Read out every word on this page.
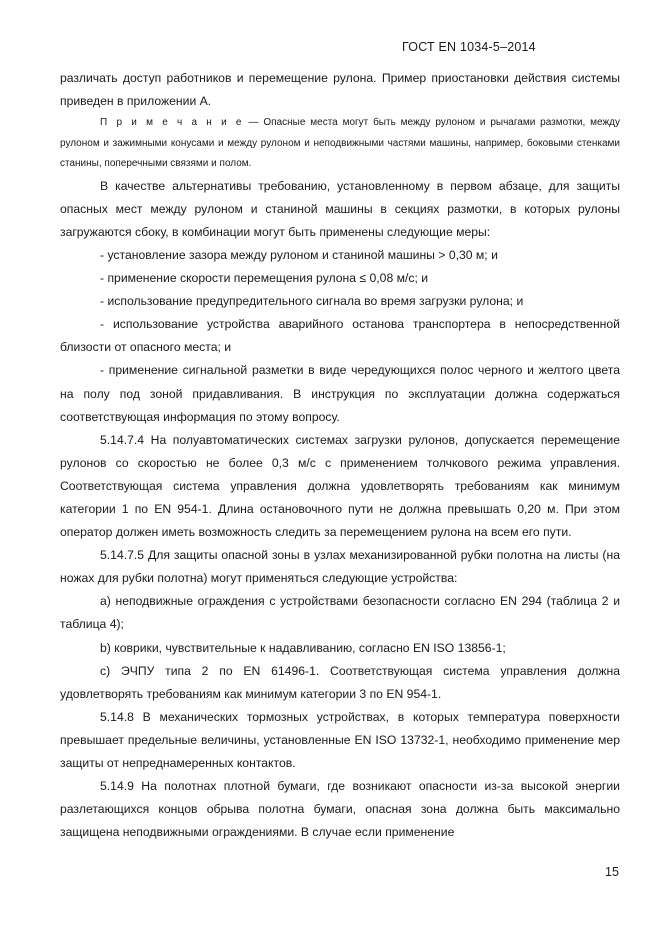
ГОСТ EN 1034-5–2014

различать доступ работников и перемещение рулона. Пример приостановки действия системы приведен в приложении А.

П р и м е ч а н и е — Опасные места могут быть между рулоном и рычагами размотки, между рулоном и зажимными конусами и между рулоном и неподвижными частями машины, например, боковыми стенками станины, поперечными связями и полом.

В качестве альтернативы требованию, установленному в первом абзаце, для защиты опасных мест между рулоном и станиной машины в секциях размотки, в которых рулоны загружаются сбоку, в комбинации могут быть применены следующие меры:

- установление зазора между рулоном и станиной машины > 0,30 м; и

- применение скорости перемещения рулона ≤ 0,08 м/с; и

- использование предупредительного сигнала во время загрузки рулона; и

- использование устройства аварийного останова транспортера в непосредственной близости от опасного места; и

- применение сигнальной разметки в виде чередующихся полос черного и желтого цвета на полу под зоной придавливания. В инструкция по эксплуатации должна содержаться соответствующая информация по этому вопросу.

5.14.7.4 На полуавтоматических системах загрузки рулонов, допускается перемещение рулонов со скоростью не более 0,3 м/с с применением толчкового режима управления. Соответствующая система управления должна удовлетворять требованиям как минимум категории 1 по EN 954-1. Длина остановочного пути не должна превышать 0,20 м. При этом оператор должен иметь возможность следить за перемещением рулона на всем его пути.

5.14.7.5 Для защиты опасной зоны в узлах механизированной рубки полотна на листы (на ножах для рубки полотна) могут применяться следующие устройства:

a) неподвижные ограждения с устройствами безопасности согласно EN 294 (таблица 2 и таблица 4);

b) коврики, чувствительные к надавливанию, согласно EN ISO 13856-1;

c) ЭЧПУ типа 2 по EN 61496-1. Соответствующая система управления должна удовлетворять требованиям как минимум категории 3 по EN 954-1.

5.14.8 В механических тормозных устройствах, в которых температура поверхности превышает предельные величины, установленные EN ISO 13732-1, необходимо применение мер защиты от непреднамеренных контактов.

5.14.9 На полотнах плотной бумаги, где возникают опасности из-за высокой энергии разлетающихся концов обрыва полотна бумаги, опасная зона должна быть максимально защищена неподвижными ограждениями. В случае если применение

15
